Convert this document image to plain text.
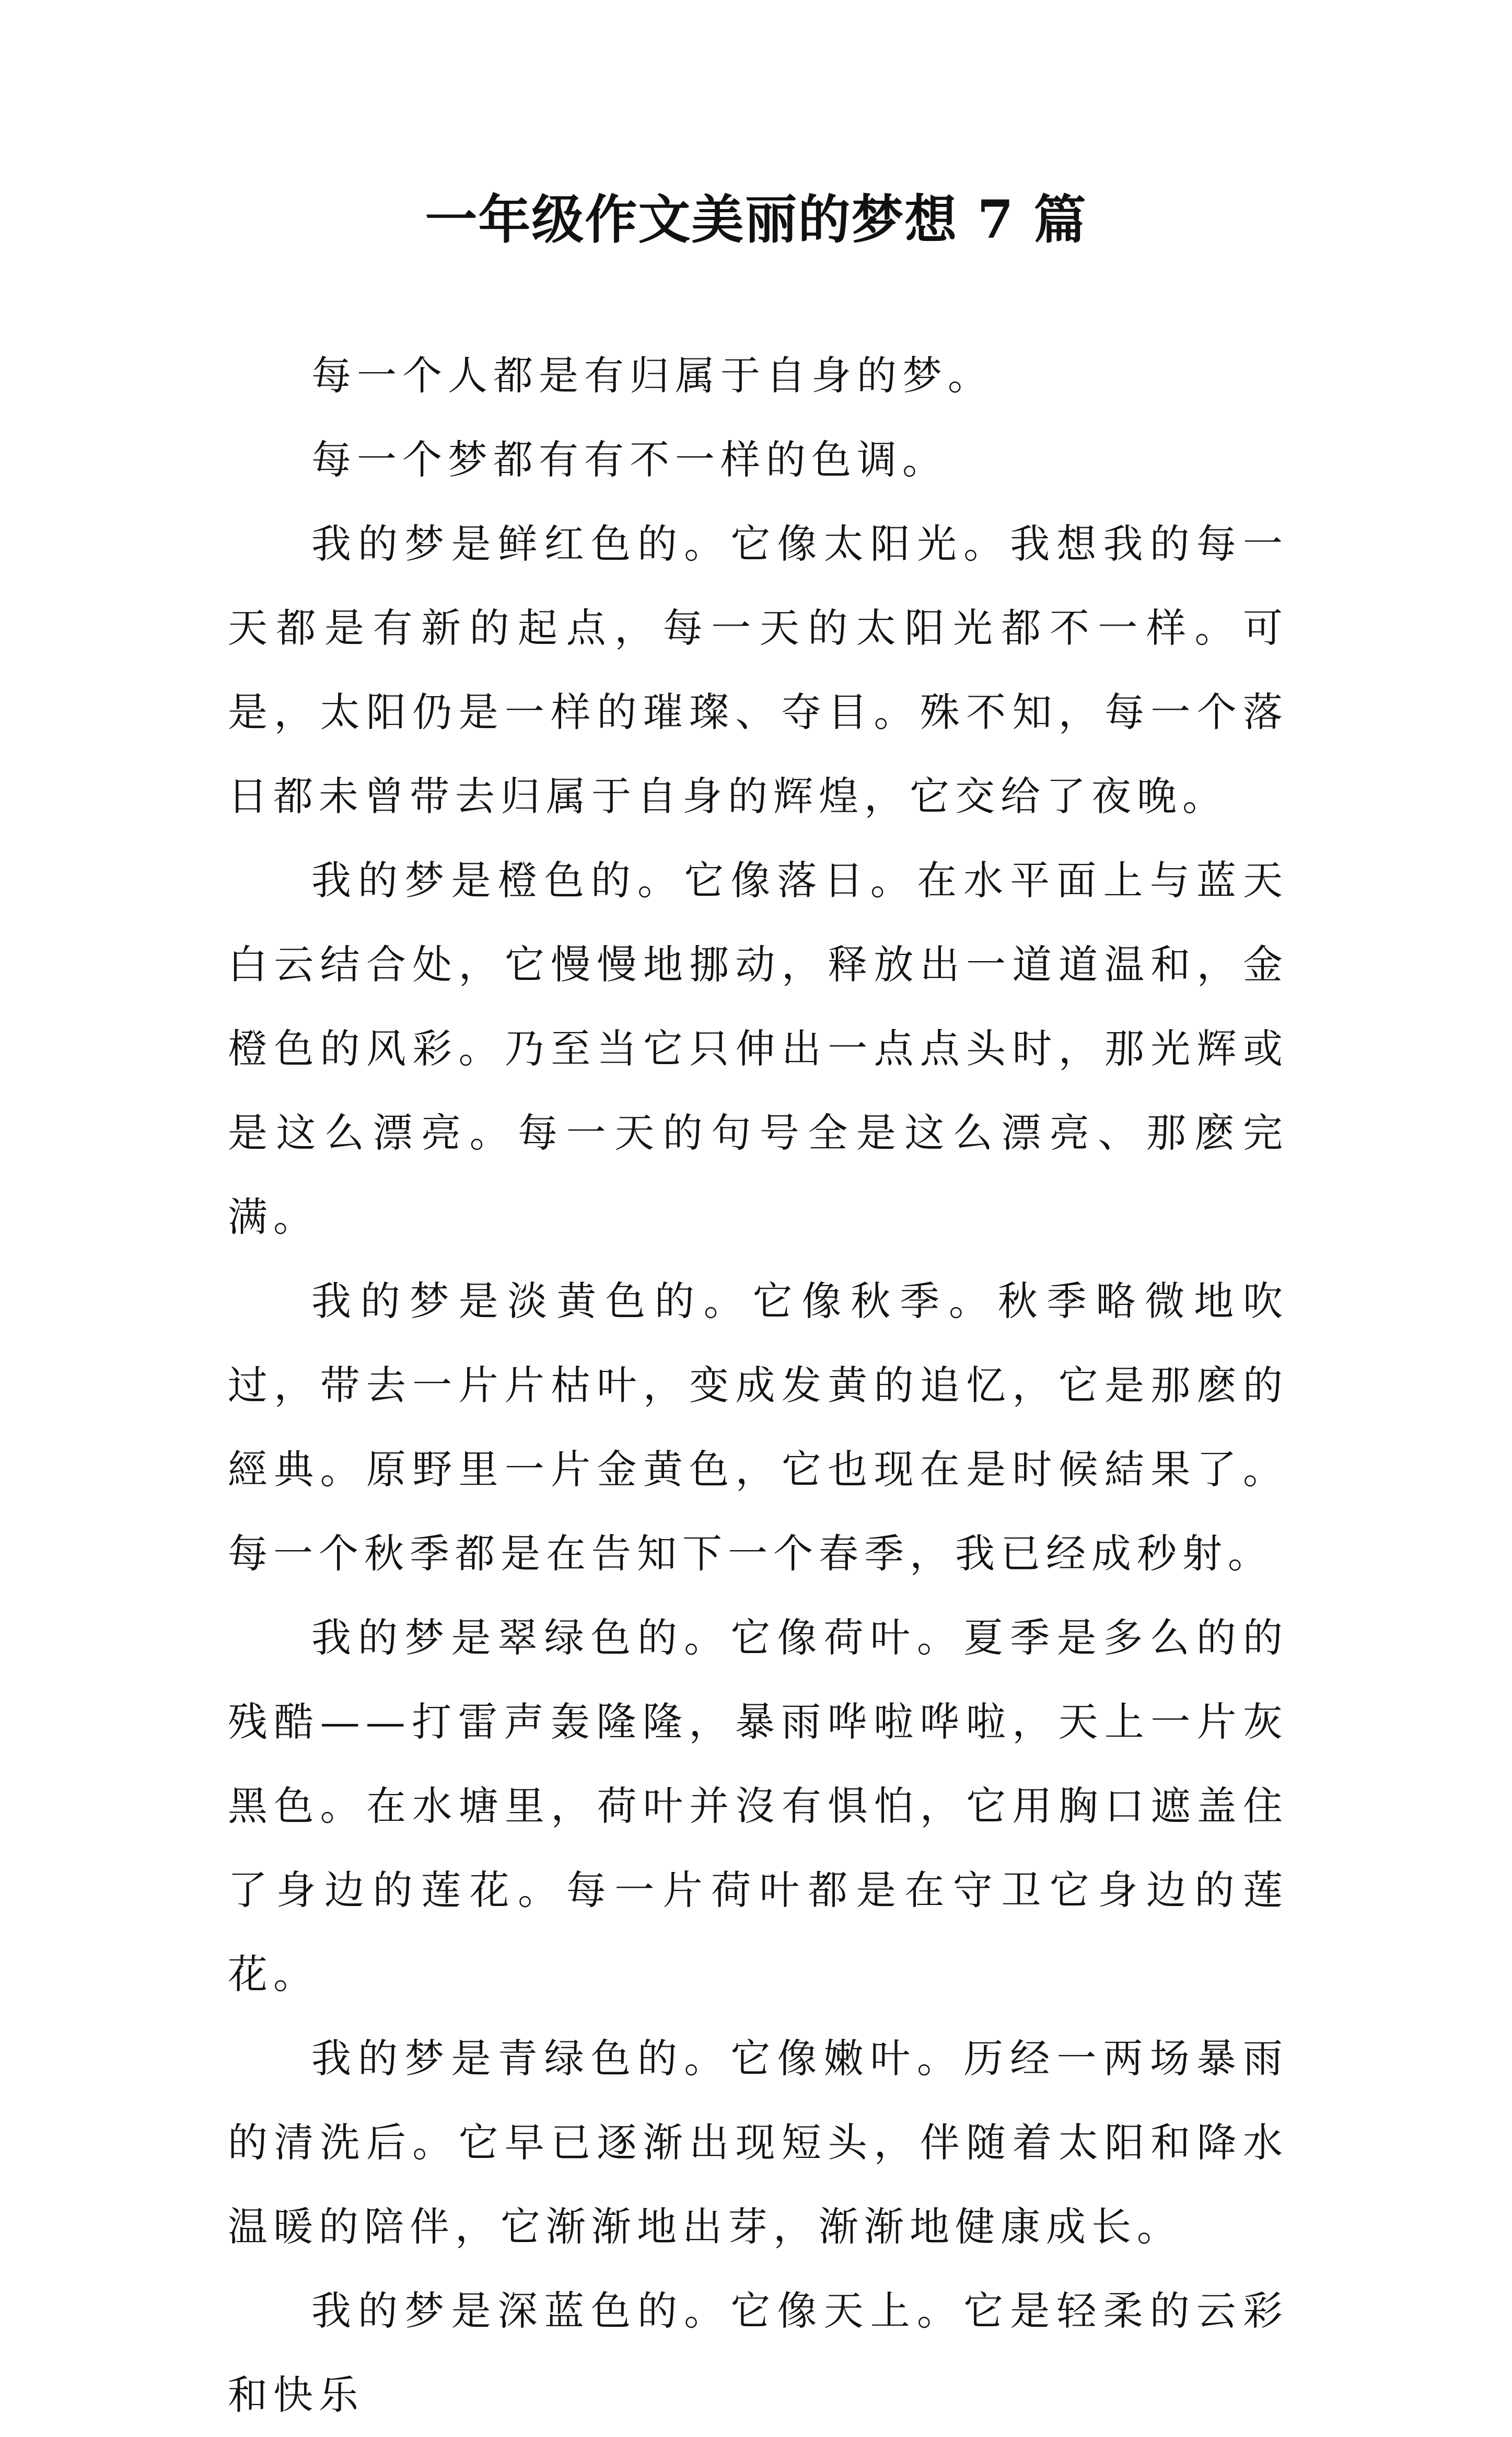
一年级作文美丽的梦想 7 篇

每一个人都是有归属于自身的梦。

每一个梦都有有不一样的色调。

我的梦是鲜红色的。它像太阳光。我想我的每一天都是有新的起点，每一天的太阳光都不一样。可是，太阳仍是一样的璀璨、夺目。殊不知，每一个落日都未曾带去归属于自身的辉煌，它交给了夜晚。

我的梦是橙色的。它像落日。在水平面上与蓝天白云结合处，它慢慢地挪动，释放出一道道温和，金橙色的风彩。乃至当它只伸出一点点头时，那光辉或是这么漂亮。每一天的句号全是这么漂亮、那麽完满。

我的梦是淡黄色的。它像秋季。秋季略微地吹过，带去一片片枯叶，变成发黄的追忆，它是那麽的經典。原野里一片金黄色，它也现在是时候結果了。每一个秋季都是在告知下一个春季，我已经成秒射。

我的梦是翠绿色的。它像荷叶。夏季是多么的的残酷——打雷声轰隆隆，暴雨哗啦哗啦，天上一片灰黑色。在水塘里，荷叶并沒有惧怕，它用胸口遮盖住了身边的莲花。每一片荷叶都是在守卫它身边的莲花。

我的梦是青绿色的。它像嫩叶。历经一两场暴雨的清洗后。它早已逐渐出现短头，伴随着太阳和降水温暖的陪伴，它渐渐地出芽，渐渐地健康成长。

我的梦是深蓝色的。它像天上。它是轻柔的云彩和快乐
